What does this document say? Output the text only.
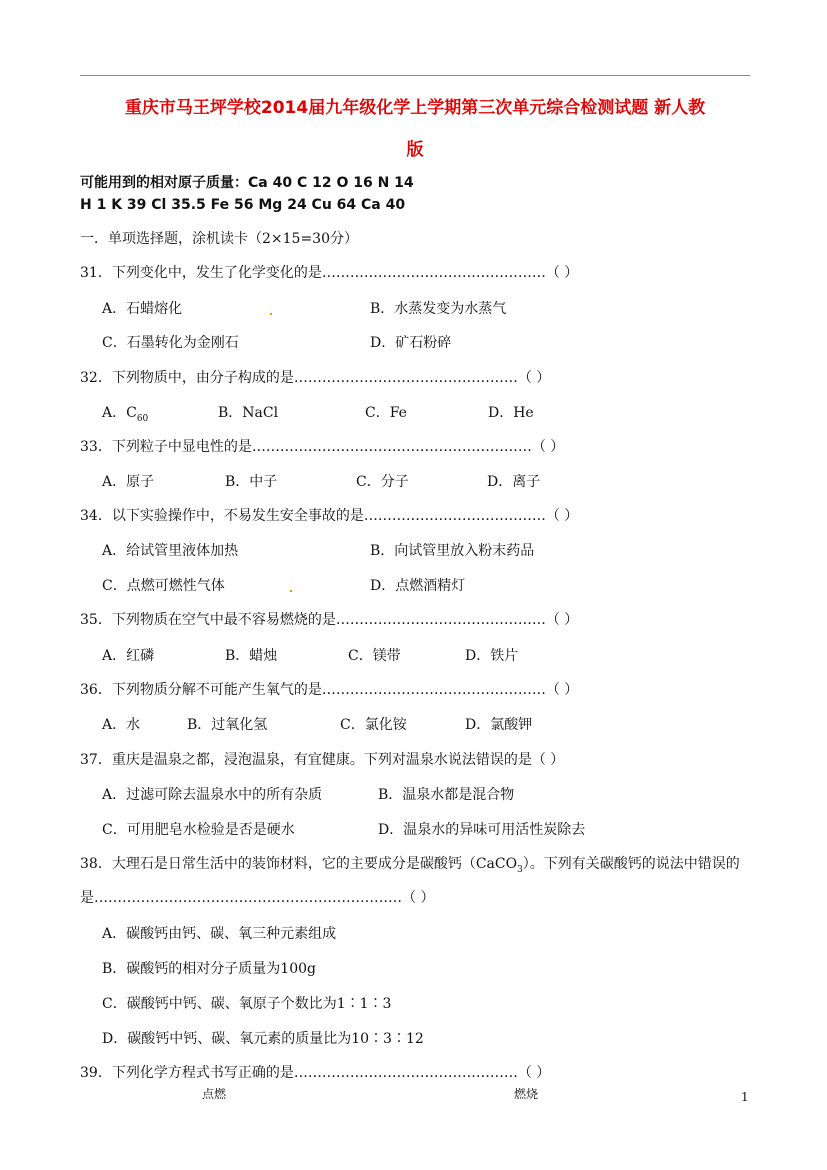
重庆市马王坪学校2014届九年级化学上学期第三次单元综合检测试题 新人教
版
可能用到的相对原子质量：Ca 40 C 12 O 16 N 14
H 1 K 39 Cl 35.5 Fe 56 Mg 24 Cu 64 Ca 40
一．单项选择题，涂机读卡（2×15=30分）
31．下列变化中，发生了化学变化的是…………………………………………（ ）
A．石蜡熔化	B．水蒸发变为水蒸气
C．石墨转化为金刚石	D．矿石粉碎
32．下列物质中，由分子构成的是…………………………………………（ ）
A．$C_{60}$	B．NaCl	C．Fe	D．He
33．下列粒子中显电性的是……………………………………………………（ ）
A．原子	B．中子	C．分子	D．离子
34．以下实验操作中，不易发生安全事故的是…………………………………（ ）
A．给试管里液体加热	B．向试管里放入粉末药品
C．点燃可燃性气体	D．点燃酒精灯
35．下列物质在空气中最不容易燃烧的是………………………………………（ ）
A．红磷	B．蜡烛	C．镁带	D．铁片
36．下列物质分解不可能产生氧气的是…………………………………………（ ）
A．水	B．过氧化氢	C．氯化铵	D．氯酸钾
37．重庆是温泉之都，浸泡温泉，有宜健康。下列对温泉水说法错误的是（ ）
A．过滤可除去温泉水中的所有杂质	B．温泉水都是混合物
C．可用肥皂水检验是否是硬水	D．温泉水的异味可用活性炭除去
38．大理石是日常生活中的装饰材料，它的主要成分是碳酸钙（CaCO$_3$）。下列有关碳酸钙的说法中错误的
是…………………………………………………………（ ）
A．碳酸钙由钙、碳、氧三种元素组成
B．碳酸钙的相对分子质量为100g
C．碳酸钙中钙、碳、氧原子个数比为1∶1∶3
D．碳酸钙中钙、碳、氧元素的质量比为10∶3∶12
39．下列化学方程式书写正确的是…………………………………………（ ）
点燃	燃烧	1
